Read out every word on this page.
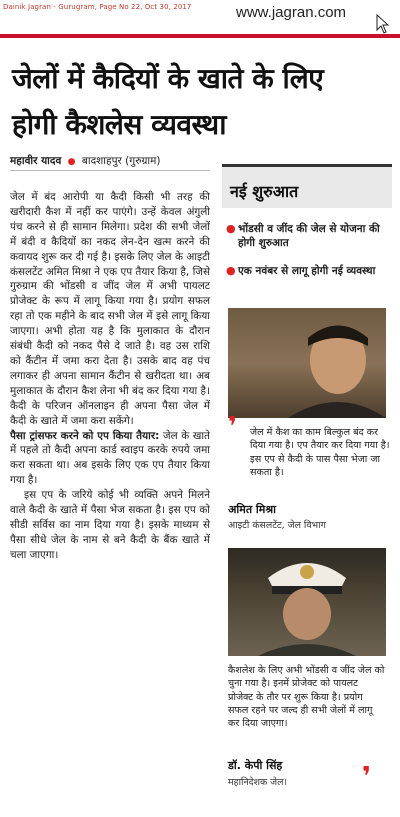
Dainik Jagran - Gurugram, Page No 22, Oct 30, 2017	www.jagran.com
जेलों में कैदियों के खाते के लिए
होगी कैशलेस व्यवस्था
महावीर यादव ● बादशाहपुर (गुरुग्राम)

जेल में बंद आरोपी या कैदी किसी भी तरह की खरीदारी कैश में नहीं कर पाएंगे। उन्हें केवल अंगुली पंच करने से ही सामान मिलेगा। प्रदेश की सभी जेलों में बंदी व कैदियों का नकद लेन-देन खत्म करने की कवायद शुरू कर दी गई है। इसके लिए जेल के आइटी कंसलटेंट अमित मिश्रा ने एक एप तैयार किया है, जिसे गुरुग्राम की भोंडसी व जींद जेल में अभी पायलट प्रोजेक्ट के रूप में लागू किया गया है। प्रयोग सफल रहा तो एक महीने के बाद सभी जेल में इसे लागू किया जाएगा। अभी होता यह है कि मुलाकात के दौरान संबंधी कैदी को नकद पैसे दे जाते है। वह उस राशि को कैंटीन में जमा करा देता है। उसके बाद वह पंच लगाकर ही अपना सामान कैंटीन से खरीदता था। अब मुलाकात के दौरान कैश लेना भी बंद कर दिया गया है। कैदी के परिजन ऑनलाइन ही अपना पैसा जेल में कैदी के खाते में जमा करा सकेंगे।

पैसा ट्रांसफर करने को एप किया तैयार: जेल के खाते में पहले तो कैदी अपना कार्ड स्वाइप करके रुपये जमा करा सकता था। अब इसके लिए एक एप तैयार किया गया है।

इस एप के जरिये कोई भी व्यक्ति अपने मिलने वाले कैदी के खाते में पैसा भेज सकता है। इस एप को सीडी सर्विस का नाम दिया गया है। इसके माध्यम से पैसा सीधे जेल के नाम से बने कैदी के बैंक खाते में चला जाएगा।

नई शुरुआत
● भोंडसी व जींद की जेल से योजना की होगी शुरुआत
● एक नवंबर से लागू होगी नई व्यवस्था
❜ जेल में कैश का काम बिल्कुल बंद कर दिया गया है। एप तैयार कर दिया गया है। इस एप से कैदी के पास पैसा भेजा जा सकता है।
अमित मिश्रा
आइटी कंसलटेंट, जेल विभाग
कैशलेश के लिए अभी भोंडसी व जींद जेल को चुना गया है। इनमें प्रोजेक्ट को पायलट प्रोजेक्ट के तौर पर शुरू किया है। प्रयोग सफल रहने पर जल्द ही सभी जेलों में लागू कर दिया जाएगा।
डॉ. केपी सिंह
महानिदेशक जेल।	❜
